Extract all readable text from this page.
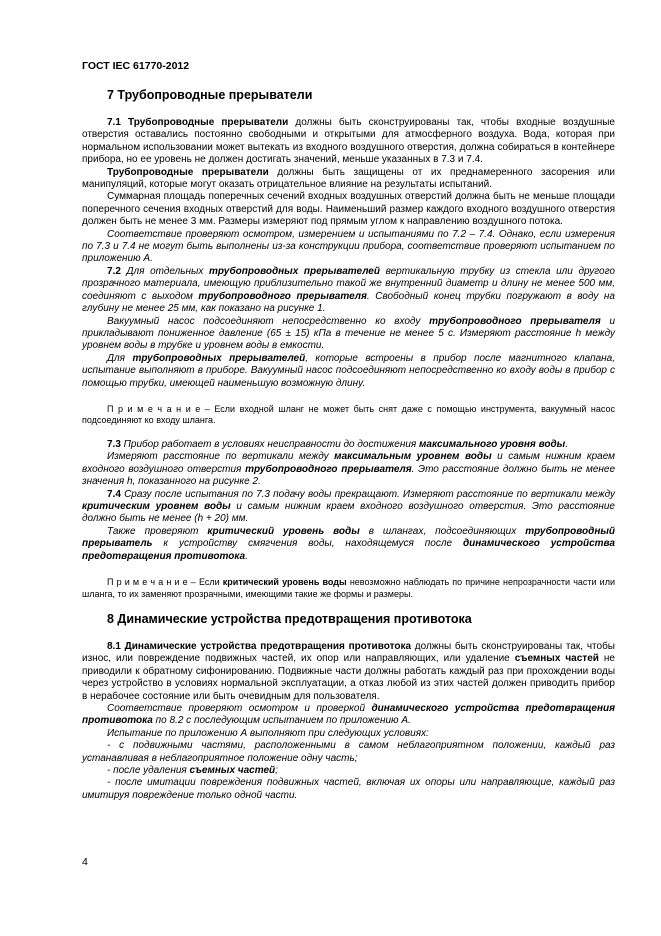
ГОСТ IEC 61770-2012
7 Трубопроводные прерыватели

7.1 Трубопроводные прерыватели должны быть сконструированы так, чтобы входные воздушные отверстия оставались постоянно свободными и открытыми для атмосферного воздуха. Вода, которая при нормальном использовании может вытекать из входного воздушного отверстия, должна собираться в контейнере прибора, но ее уровень не должен достигать значений, меньше указанных в 7.3 и 7.4.

Трубопроводные прерыватели должны быть защищены от их преднамеренного засорения или манипуляций, которые могут оказать отрицательное влияние на результаты испытаний.

Суммарная площадь поперечных сечений входных воздушных отверстий должна быть не меньше площади поперечного сечения входных отверстий для воды. Наименьший размер каждого входного воздушного отверстия должен быть не менее 3 мм. Размеры измеряют под прямым углом к направлению воздушного потока.

Соответствие проверяют осмотром, измерением и испытаниями по 7.2 – 7.4. Однако, если измерения по 7.3 и 7.4 не могут быть выполнены из-за конструкции прибора, соответствие проверяют испытанием по приложению А.

7.2 Для отдельных трубопроводных прерывателей вертикальную трубку из стекла или другого прозрачного материала, имеющую приблизительно такой же внутренний диаметр и длину не менее 500 мм, соединяют с выходом трубопроводного прерывателя. Свободный конец трубки погружают в воду на глубину не менее 25 мм, как показано на рисунке 1.

Вакуумный насос подсоединяют непосредственно ко входу трубопроводного прерывателя и прикладывают пониженное давление (65 ± 15) кПа в течение не менее 5 с. Измеряют расстояние h между уровнем воды в трубке и уровнем воды в емкости.

Для трубопроводных прерывателей, которые встроены в прибор после магнитного клапана, испытание выполняют в приборе. Вакуумный насос подсоединяют непосредственно ко входу воды в прибор с помощью трубки, имеющей наименьшую возможную длину.

П р и м е ч а н и е – Если входной шланг не может быть снят даже с помощью инструмента, вакуумный насос подсоединяют ко входу шланга.

7.3 Прибор работает в условиях неисправности до достижения максимального уровня воды.

Измеряют расстояние по вертикали между максимальным уровнем воды и самым нижним краем входного воздушного отверстия трубопроводного прерывателя. Это расстояние должно быть не менее значения h, показанного на рисунке 2.

7.4 Сразу после испытания по 7.3 подачу воды прекращают. Измеряют расстояние по вертикали между критическим уровнем воды и самым нижним краем входного воздушного отверстия. Это расстояние должно быть не менее (h + 20) мм.

Также проверяют критический уровень воды в шлангах, подсоединяющих трубопроводный прерыватель к устройству смягчения воды, находящемуся после динамического устройства предотвращения противотока.

П р и м е ч а н и е – Если критический уровень воды невозможно наблюдать по причине непрозрачности части или шланга, то их заменяют прозрачными, имеющими такие же формы и размеры.

8 Динамические устройства предотвращения противотока

8.1 Динамические устройства предотвращения противотока должны быть сконструированы так, чтобы износ, или повреждение подвижных частей, их опор или направляющих, или удаление съемных частей не приводили к обратному сифонированию. Подвижные части должны работать каждый раз при прохождении воды через устройство в условиях нормальной эксплуатации, а отказ любой из этих частей должен приводить прибор в нерабочее состояние или быть очевидным для пользователя.

Соответствие проверяют осмотром и проверкой динамического устройства предотвращения противотока по 8.2 с последующим испытанием по приложению А.

Испытание по приложению А выполняют при следующих условиях:

- с подвижными частями, расположенными в самом неблагоприятном положении, каждый раз устанавливая в неблагоприятное положение одну часть;

- после удаления съемных частей;

- после имитации повреждения подвижных частей, включая их опоры или направляющие, каждый раз имитируя повреждение только одной части.

4
